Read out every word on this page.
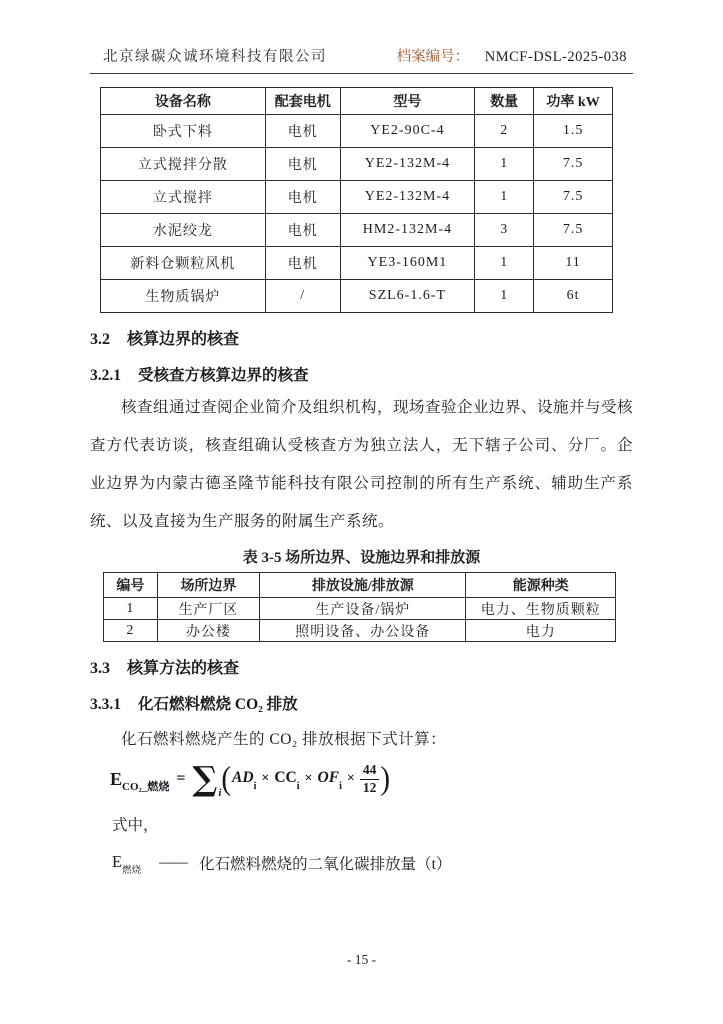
北京绿碳众诚环境科技有限公司	档案编号： NMCF-DSL-2025-038
设备名称	配套电机	型号	数量	功率 kW
卧式下料	电机	YE2-90C-4	2	1.5
立式搅拌分散	电机	YE2-132M-4	1	7.5
立式搅拌	电机	YE2-132M-4	1	7.5
水泥绞龙	电机	HM2-132M-4	3	7.5
新料仓颗粒风机	电机	YE3-160M1	1	11
生物质锅炉	/	SZL6-1.6-T	1	6t
3.2 核算边界的核查
3.2.1 受核查方核算边界的核查

核查组通过查阅企业简介及组织机构，现场查验企业边界、设施并与受核查方代表访谈，核查组确认受核查方为独立法人，无下辖子公司、分厂。企业边界为内蒙古德圣隆节能科技有限公司控制的所有生产系统、辅助生产系统、以及直接为生产服务的附属生产系统。

表 3-5 场所边界、设施边界和排放源
编号	场所边界	排放设施/排放源	能源种类
1	生产厂区	生产设备/锅炉	电力、生物质颗粒
2	办公楼	照明设备、办公设备	电力
3.3 核算方法的核查
3.3.1 化石燃料燃烧 CO₂ 排放

化石燃料燃烧产生的 CO₂ 排放根据下式计算：

$E_{CO_2\_燃烧}$ = ∑ i ( $AD_i$
× $CC_i$
× $OF_i$
× $\frac{44}{12}$ )

式中，

$E_{燃烧}$
—— 化石燃料燃烧的二氧化碳排放量（t）

- 15 -
